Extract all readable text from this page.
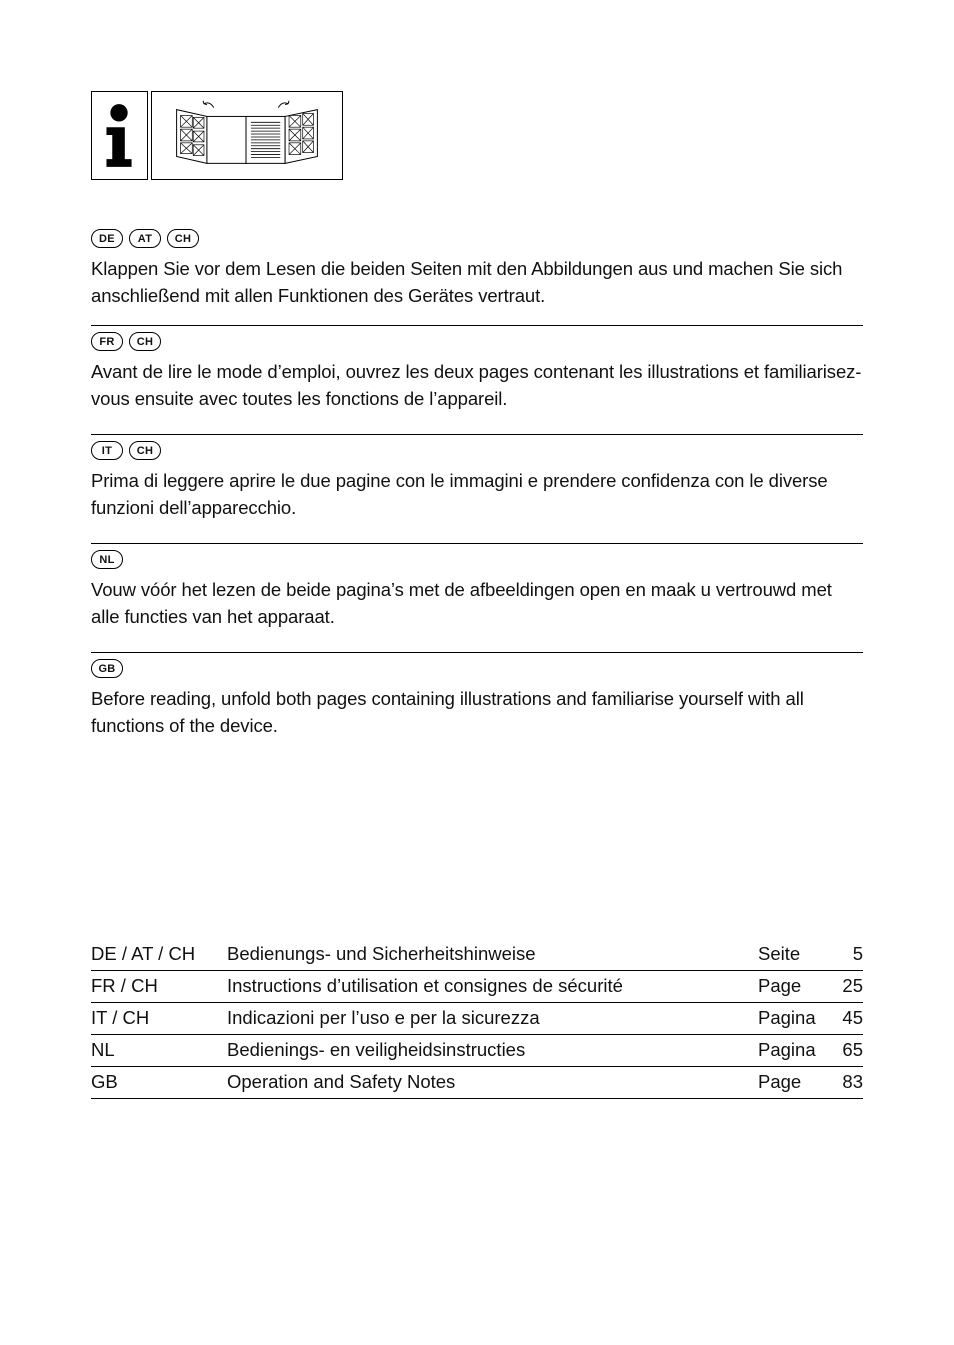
DE	AT	CH

Klappen Sie vor dem Lesen die beiden Seiten mit den Abbildungen aus und machen Sie sich anschließend mit allen Funktionen des Gerätes vertraut.

FR	CH

Avant de lire le mode d’emploi, ouvrez les deux pages contenant les illustrations et familiarisez-vous ensuite avec toutes les fonctions de l’appareil.

IT	CH

Prima di leggere aprire le due pagine con le immagini e prendere confidenza con le diverse funzioni dell’apparecchio.

NL

Vouw vóór het lezen de beide pagina’s met de afbeeldingen open en maak u vertrouwd met alle functies van het apparaat.

GB

Before reading, unfold both pages containing illustrations and familiarise yourself with all functions of the device.

DE / AT / CH	Bedienungs- und Sicherheitshinweise	Seite	5
FR / CH	Instructions d’utilisation et consignes de sécurité	Page	25
IT / CH	Indicazioni per l’uso e per la sicurezza	Pagina	45
NL	Bedienings- en veiligheidsinstructies	Pagina	65
GB	Operation and Safety Notes	Page	83
